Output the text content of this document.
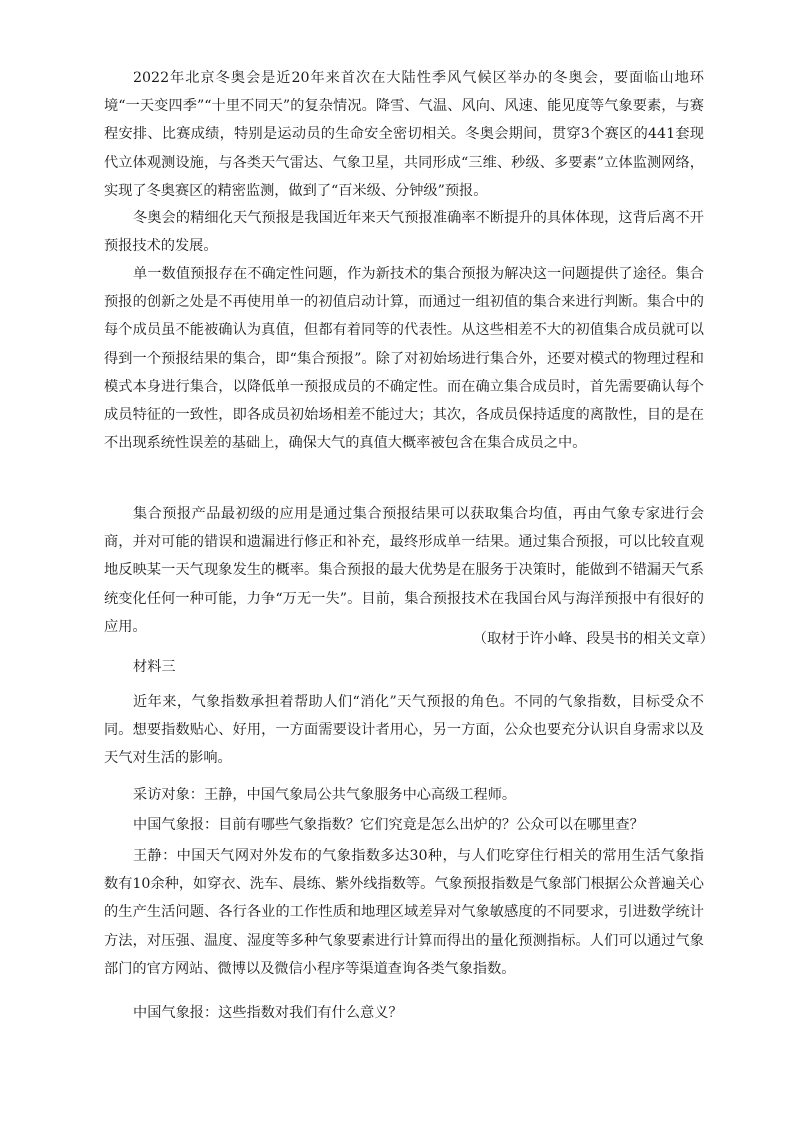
2022年北京冬奥会是近20年来首次在大陆性季风气候区举办的冬奥会，要面临山地环境“一天变四季”“十里不同天”的复杂情况。降雪、气温、风向、风速、能见度等气象要素，与赛程安排、比赛成绩，特别是运动员的生命安全密切相关。冬奥会期间，贯穿3个赛区的441套现代立体观测设施，与各类天气雷达、气象卫星，共同形成“三维、秒级、多要素”立体监测网络，实现了冬奥赛区的精密监测，做到了“百米级、分钟级”预报。

冬奥会的精细化天气预报是我国近年来天气预报准确率不断提升的具体体现，这背后离不开预报技术的发展。

单一数值预报存在不确定性问题，作为新技术的集合预报为解决这一问题提供了途径。集合预报的创新之处是不再使用单一的初值启动计算，而通过一组初值的集合来进行判断。集合中的每个成员虽不能被确认为真值，但都有着同等的代表性。从这些相差不大的初值集合成员就可以得到一个预报结果的集合，即“集合预报”。除了对初始场进行集合外，还要对模式的物理过程和模式本身进行集合，以降低单一预报成员的不确定性。而在确立集合成员时，首先需要确认每个成员特征的一致性，即各成员初始场相差不能过大；其次，各成员保持适度的离散性，目的是在不出现系统性误差的基础上，确保大气的真值大概率被包含在集合成员之中。

集合预报产品最初级的应用是通过集合预报结果可以获取集合均值，再由气象专家进行会商，并对可能的错误和遗漏进行修正和补充，最终形成单一结果。通过集合预报，可以比较直观地反映某一天气现象发生的概率。集合预报的最大优势是在服务于决策时，能做到不错漏天气系统变化任何一种可能，力争“万无一失”。目前，集合预报技术在我国台风与海洋预报中有很好的应用。

（取材于许小峰、段昊书的相关文章）

材料三

近年来，气象指数承担着帮助人们“消化”天气预报的角色。不同的气象指数，目标受众不同。想要指数贴心、好用，一方面需要设计者用心，另一方面，公众也要充分认识自身需求以及天气对生活的影响。

采访对象：王静，中国气象局公共气象服务中心高级工程师。

中国气象报：目前有哪些气象指数？它们究竟是怎么出炉的？公众可以在哪里查？

王静：中国天气网对外发布的气象指数多达30种，与人们吃穿住行相关的常用生活气象指数有10余种，如穿衣、洗车、晨练、紫外线指数等。气象预报指数是气象部门根据公众普遍关心的生产生活问题、各行各业的工作性质和地理区域差异对气象敏感度的不同要求，引进数学统计方法，对压强、温度、湿度等多种气象要素进行计算而得出的量化预测指标。人们可以通过气象部门的官方网站、微博以及微信小程序等渠道查询各类气象指数。

中国气象报：这些指数对我们有什么意义？
